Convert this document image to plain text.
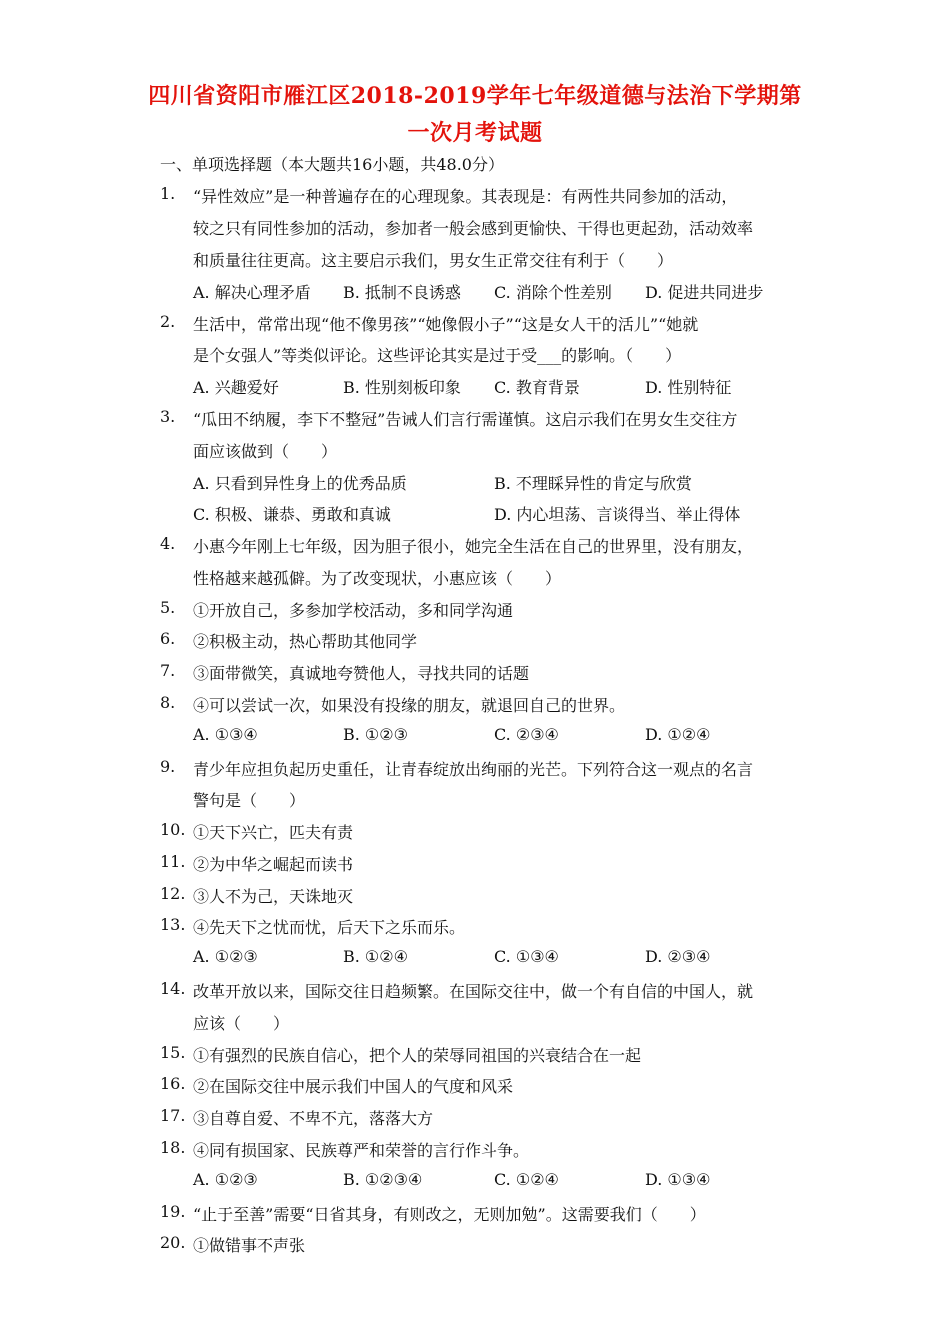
四川省资阳市雁江区2018-2019学年七年级道德与法治下学期第
一次月考试题
一、单项选择题（本大题共16小题，共48.0分）
1. “异性效应”是一种普遍存在的心理现象。其表现是：有两性共同参加的活动，
较之只有同性参加的活动，参加者一般会感到更愉快、干得也更起劲，活动效率
和质量往往更高。这主要启示我们，男女生正常交往有利于（　　）
A. 解决心理矛盾 B. 抵制不良诱惑 C. 消除个性差别 D. 促进共同进步
2. 生活中，常常出现“他不像男孩”“她像假小子”“这是女人干的活儿”“她就
是个女强人”等类似评论。这些评论其实是过于受___的影响。（　　）
A. 兴趣爱好	B. 性别刻板印象 C. 教育背景	D. 性别特征
3. “瓜田不纳履，李下不整冠”告诫人们言行需谨慎。这启示我们在男女生交往方
面应该做到（　　）
A. 只看到异性身上的优秀品质	B. 不理睬异性的肯定与欣赏
C. 积极、谦恭、勇敢和真诚	D. 内心坦荡、言谈得当、举止得体
4. 小惠今年刚上七年级，因为胆子很小，她完全生活在自己的世界里，没有朋友，
性格越来越孤僻。为了改变现状，小惠应该（　　）
5. ①开放自己，多参加学校活动，多和同学沟通
6. ②积极主动，热心帮助其他同学
7. ③面带微笑，真诚地夸赞他人，寻找共同的话题
8. ④可以尝试一次，如果没有投缘的朋友，就退回自己的世界。
A. ①③④	B. ①②③	C. ②③④	D. ①②④
9. 青少年应担负起历史重任，让青春绽放出绚丽的光芒。下列符合这一观点的名言
警句是（　　）
10. ①天下兴亡，匹夫有责
11. ②为中华之崛起而读书
12. ③人不为己，天诛地灭
13. ④先天下之忧而忧，后天下之乐而乐。
A. ①②③	B. ①②④	C. ①③④	D. ②③④
14. 改革开放以来，国际交往日趋频繁。在国际交往中，做一个有自信的中国人，就
应该（　　）
15. ①有强烈的民族自信心，把个人的荣辱同祖国的兴衰结合在一起
16. ②在国际交往中展示我们中国人的气度和风采
17. ③自尊自爱、不卑不亢，落落大方
18. ④同有损国家、民族尊严和荣誉的言行作斗争。
A. ①②③	B. ①②③④	C. ①②④	D. ①③④
19. “止于至善”需要“日省其身，有则改之，无则加勉”。这需要我们（　　）
20. ①做错事不声张
